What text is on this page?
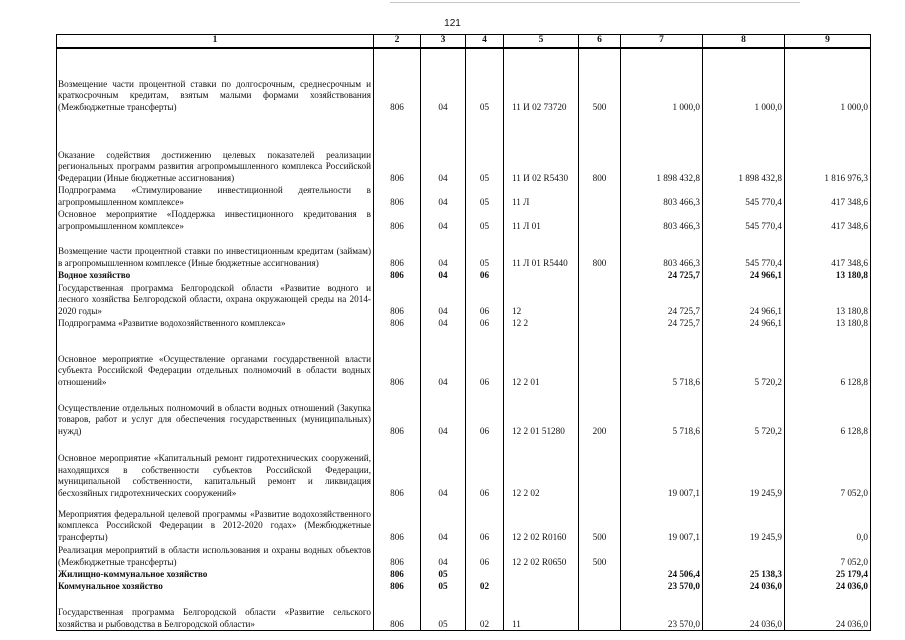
121
1	2	3	4	5	6	7	8	9
Возмещение части процентной ставки по долгосрочным, среднесрочным и краткосрочным кредитам, взятым малыми формами хозяйствования (Межбюджетные трансферты)	806	04	05	11 И 02 73720	500	1 000,0	1 000,0	1 000,0
Оказание содействия достижению целевых показателей реализации региональных программ развития агропромышленного комплекса Российской Федерации (Иные бюджетные ассигнования)	806	04	05	11 И 02 R5430	800	1 898 432,8	1 898 432,8	1 816 976,3
Подпрограмма «Стимулирование инвестиционной деятельности в агропромышленном комплексе»	806	04	05	11 Л		803 466,3	545 770,4	417 348,6
Основное мероприятие «Поддержка инвестиционного кредитования в агропромышленном комплексе»	806	04	05	11 Л 01		803 466,3	545 770,4	417 348,6
Возмещение части процентной ставки по инвестиционным кредитам (займам) в агропромышленном комплексе (Иные бюджетные ассигнования)	806	04	05	11 Л 01 R5440	800	803 466,3	545 770,4	417 348,6
Водное хозяйство	806	04	06			24 725,7	24 966,1	13 180,8
Государственная программа Белгородской области «Развитие водного и лесного хозяйства Белгородской области, охрана окружающей среды на 2014-2020 годы»	806	04	06	12		24 725,7	24 966,1	13 180,8
Подпрограмма «Развитие водохозяйственного комплекса»	806	04	06	12 2		24 725,7	24 966,1	13 180,8
Основное мероприятие «Осуществление органами государственной власти субъекта Российской Федерации отдельных полномочий в области водных отношений»	806	04	06	12 2 01		5 718,6	5 720,2	6 128,8
Осуществление отдельных полномочий в области водных отношений (Закупка товаров, работ и услуг для обеспечения государственных (муниципальных) нужд)	806	04	06	12 2 01 51280	200	5 718,6	5 720,2	6 128,8
Основное мероприятие «Капитальный ремонт гидротехнических сооружений, находящихся в собственности субъектов Российской Федерации, муниципальной собственности, капитальный ремонт и ликвидация бесхозяйных гидротехнических сооружений»	806	04	06	12 2 02		19 007,1	19 245,9	7 052,0
Мероприятия федеральной целевой программы «Развитие водохозяйственного комплекса Российской Федерации в 2012-2020 годах» (Межбюджетные трансферты)	806	04	06	12 2 02 R0160	500	19 007,1	19 245,9	0,0
Реализация мероприятий в области использования и охраны водных объектов (Межбюджетные трансферты)	806	04	06	12 2 02 R0650	500			7 052,0
Жилищно-коммунальное хозяйство	806	05				24 506,4	25 138,3	25 179,4
Коммунальное хозяйство	806	05	02			23 570,0	24 036,0	24 036,0
Государственная программа Белгородской области «Развитие сельского хозяйства и рыбоводства в Белгородской области»	806	05	02	11		23 570,0	24 036,0	24 036,0
